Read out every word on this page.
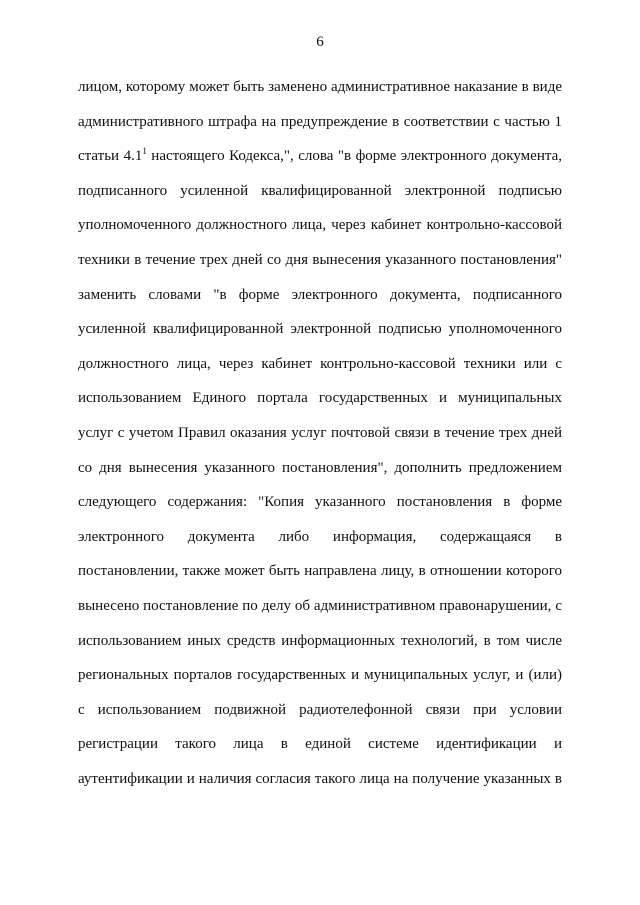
6
лицом, которому может быть заменено административное наказание в виде
административного штрафа на предупреждение в соответствии с частью 1
статьи $4.1^1$ настоящего Кодекса,", слова "в форме электронного документа,
подписанного усиленной квалифицированной электронной подписью
уполномоченного должностного лица, через кабинет контрольно-кассовой
техники в течение трех дней со дня вынесения указанного постановления"
заменить словами "в форме электронного документа, подписанного
усиленной квалифицированной электронной подписью уполномоченного
должностного лица, через кабинет контрольно-кассовой техники или с
использованием Единого портала государственных и муниципальных
услуг с учетом Правил оказания услуг почтовой связи в течение трех дней
со дня вынесения указанного постановления", дополнить предложением
следующего содержания: "Копия указанного постановления в форме
электронного документа либо информация, содержащаяся в
постановлении, также может быть направлена лицу, в отношении которого
вынесено постановление по делу об административном правонарушении, с
использованием иных средств информационных технологий, в том числе
региональных порталов государственных и муниципальных услуг, и (или)
с использованием подвижной радиотелефонной связи при условии
регистрации такого лица в единой системе идентификации и
аутентификации и наличия согласия такого лица на получение указанных в
